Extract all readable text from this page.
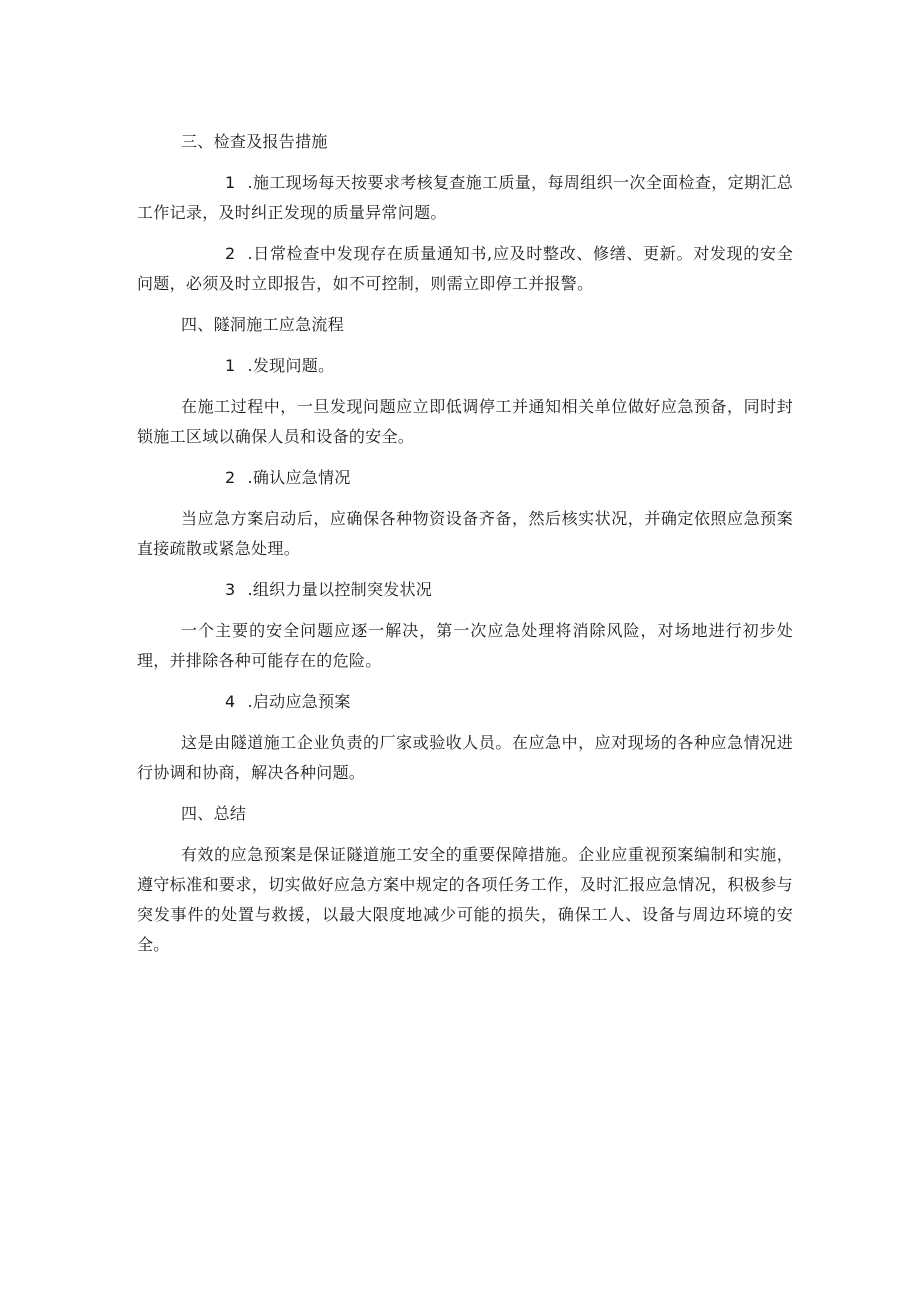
三、检查及报告措施

1 .施工现场每天按要求考核复查施工质量，每周组织一次全面检查，定期汇总工作记录，及时纠正发现的质量异常问题。

2 .日常检查中发现存在质量通知书,应及时整改、修缮、更新。对发现的安全问题，必须及时立即报告，如不可控制，则需立即停工并报警。

四、隧洞施工应急流程

1 .发现问题。

在施工过程中，一旦发现问题应立即低调停工并通知相关单位做好应急预备，同时封锁施工区域以确保人员和设备的安全。

2 .确认应急情况

当应急方案启动后，应确保各种物资设备齐备，然后核实状况，并确定依照应急预案直接疏散或紧急处理。

3 .组织力量以控制突发状况

一个主要的安全问题应逐一解决，第一次应急处理将消除风险，对场地进行初步处理，并排除各种可能存在的危险。

4 .启动应急预案

这是由隧道施工企业负责的厂家或验收人员。在应急中，应对现场的各种应急情况进行协调和协商，解决各种问题。

四、总结

有效的应急预案是保证隧道施工安全的重要保障措施。企业应重视预案编制和实施，遵守标准和要求，切实做好应急方案中规定的各项任务工作，及时汇报应急情况，积极参与突发事件的处置与救援，以最大限度地减少可能的损失，确保工人、设备与周边环境的安全。
